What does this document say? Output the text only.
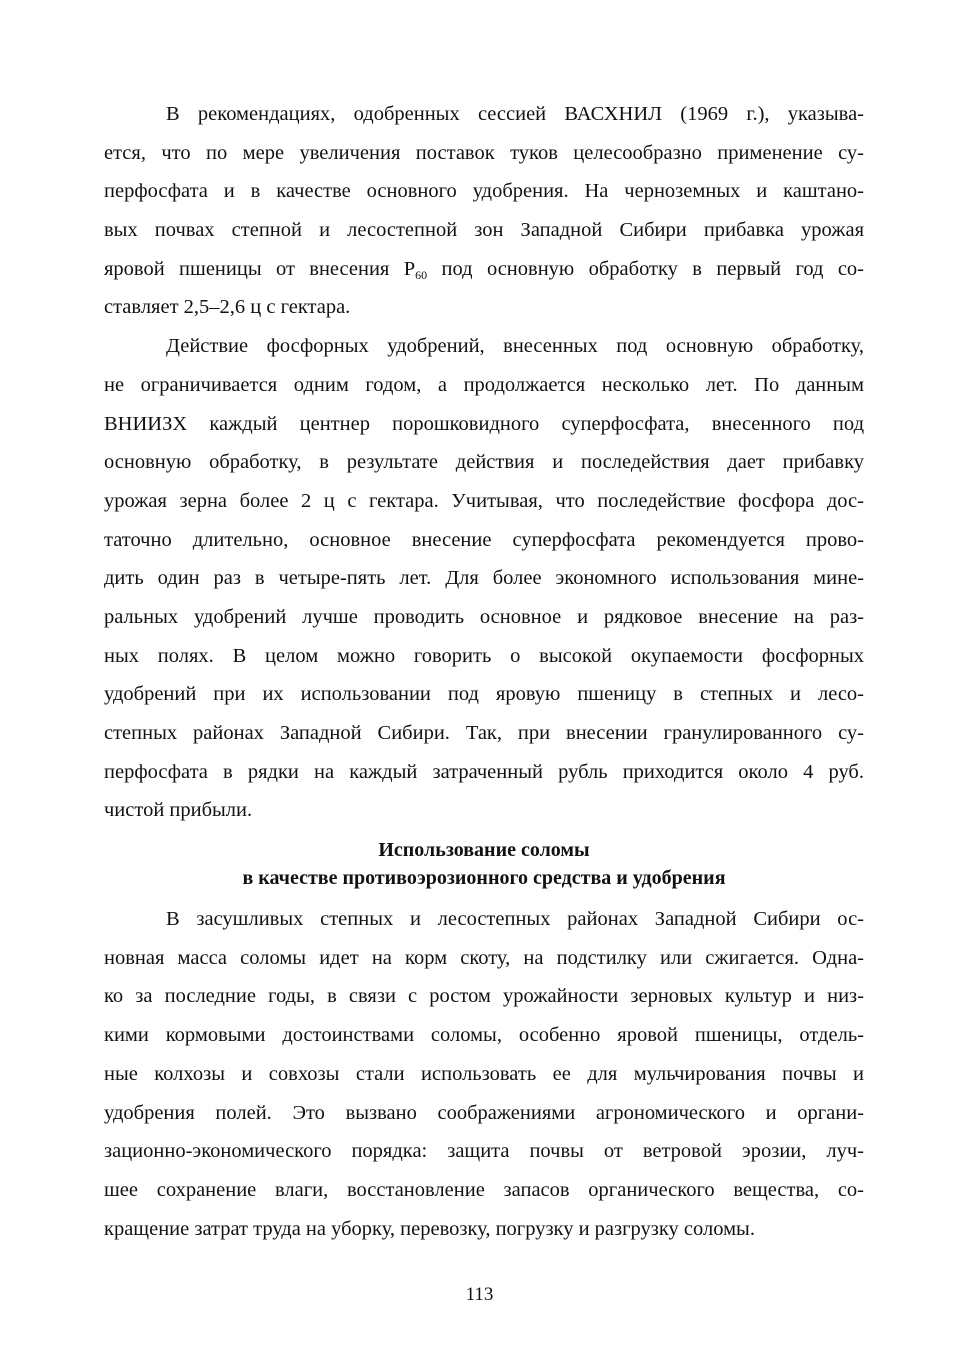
В рекомендациях, одобренных сессией ВАСХНИЛ (1969 г.), указыва-
ется, что по мере увеличения поставок туков целесообразно применение су-
перфосфата и в качестве основного удобрения. На черноземных и каштано-
вых почвах степной и лесостепной зон Западной Сибири прибавка урожая
яровой пшеницы от внесения $Р_{60}$ под основную обработку в первый год со-
ставляет 2,5–2,6 ц с гектара.
Действие фосфорных удобрений, внесенных под основную обработку,
не ограничивается одним годом, а продолжается несколько лет. По данным
ВНИИЗХ каждый центнер порошковидного суперфосфата, внесенного под
основную обработку, в результате действия и последействия дает прибавку
урожая зерна более 2 ц с гектара. Учитывая, что последействие фосфора дос-
таточно длительно, основное внесение суперфосфата рекомендуется прово-
дить один раз в четыре-пять лет. Для более экономного использования мине-
ральных удобрений лучше проводить основное и рядковое внесение на раз-
ных полях. В целом можно говорить о высокой окупаемости фосфорных
удобрений при их использовании под яровую пшеницу в степных и лесо-
степных районах Западной Сибири. Так, при внесении гранулированного су-
перфосфата в рядки на каждый затраченный рубль приходится около 4 руб.
чистой прибыли.
Использование соломы
в качестве противоэрозионного средства и удобрения
В засушливых степных и лесостепных районах Западной Сибири ос-
новная масса соломы идет на корм скоту, на подстилку или сжигается. Одна-
ко за последние годы, в связи с ростом урожайности зерновых культур и низ-
кими кормовыми достоинствами соломы, особенно яровой пшеницы, отдель-
ные колхозы и совхозы стали использовать ее для мульчирования почвы и
удобрения полей. Это вызвано соображениями агрономического и органи-
зационно-экономического порядка: защита почвы от ветровой эрозии, луч-
шее сохранение влаги, восстановление запасов органического вещества, со-
кращение затрат труда на уборку, перевозку, погрузку и разгрузку соломы.
113
